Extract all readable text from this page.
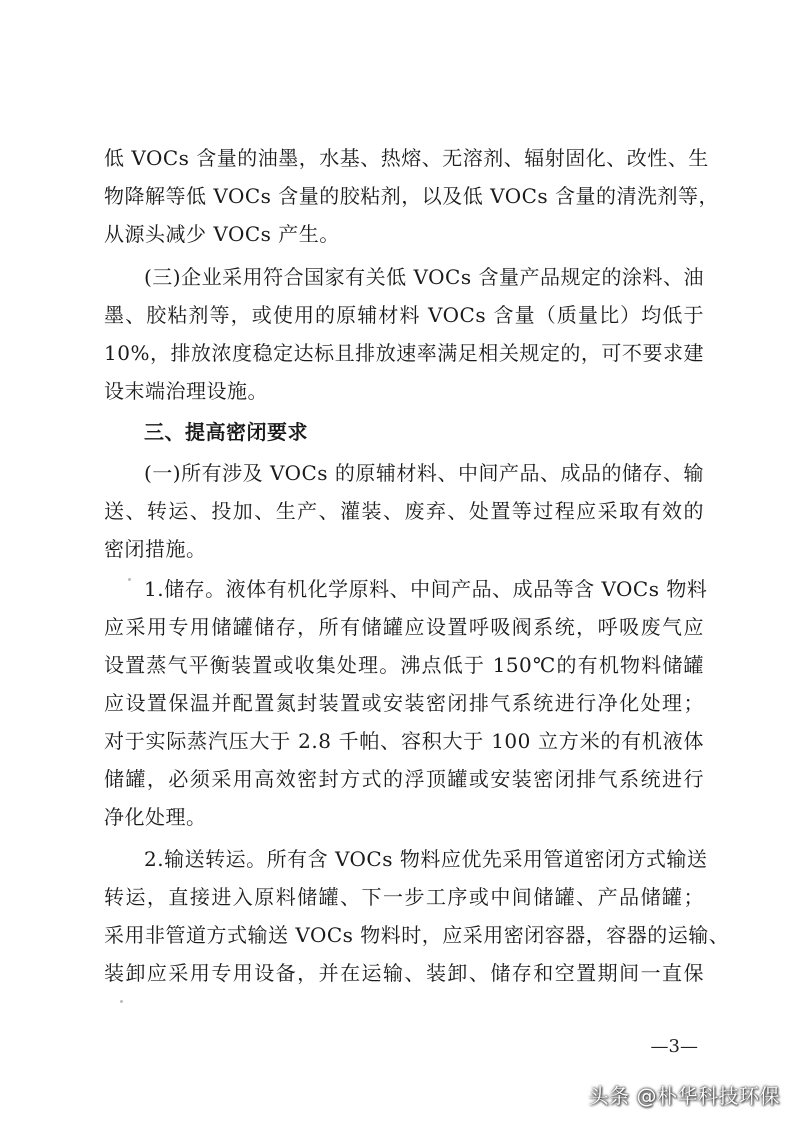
低 VOCs 含量的油墨，水基、热熔、无溶剂、辐射固化、改性、生
物降解等低 VOCs 含量的胶粘剂，以及低 VOCs 含量的清洗剂等，
从源头减少 VOCs 产生。
(三)企业采用符合国家有关低 VOCs 含量产品规定的涂料、油
墨、胶粘剂等，或使用的原辅材料 VOCs 含量（质量比）均低于
10%，排放浓度稳定达标且排放速率满足相关规定的，可不要求建
设末端治理设施。
三、提高密闭要求
(一)所有涉及 VOCs 的原辅材料、中间产品、成品的储存、输
送、转运、投加、生产、灌装、废弃、处置等过程应采取有效的
密闭措施。
1.储存。液体有机化学原料、中间产品、成品等含 VOCs 物料
应采用专用储罐储存，所有储罐应设置呼吸阀系统，呼吸废气应
设置蒸气平衡装置或收集处理。沸点低于 150℃的有机物料储罐
应设置保温并配置氮封装置或安装密闭排气系统进行净化处理；
对于实际蒸汽压大于 2.8 千帕、容积大于 100 立方米的有机液体
储罐，必须采用高效密封方式的浮顶罐或安装密闭排气系统进行
净化处理。
2.输送转运。所有含 VOCs 物料应优先采用管道密闭方式输送
转运，直接进入原料储罐、下一步工序或中间储罐、产品储罐；
采用非管道方式输送 VOCs 物料时，应采用密闭容器，容器的运输、
装卸应采用专用设备，并在运输、装卸、储存和空置期间一直保
—3—
头条 @朴华科技环保
